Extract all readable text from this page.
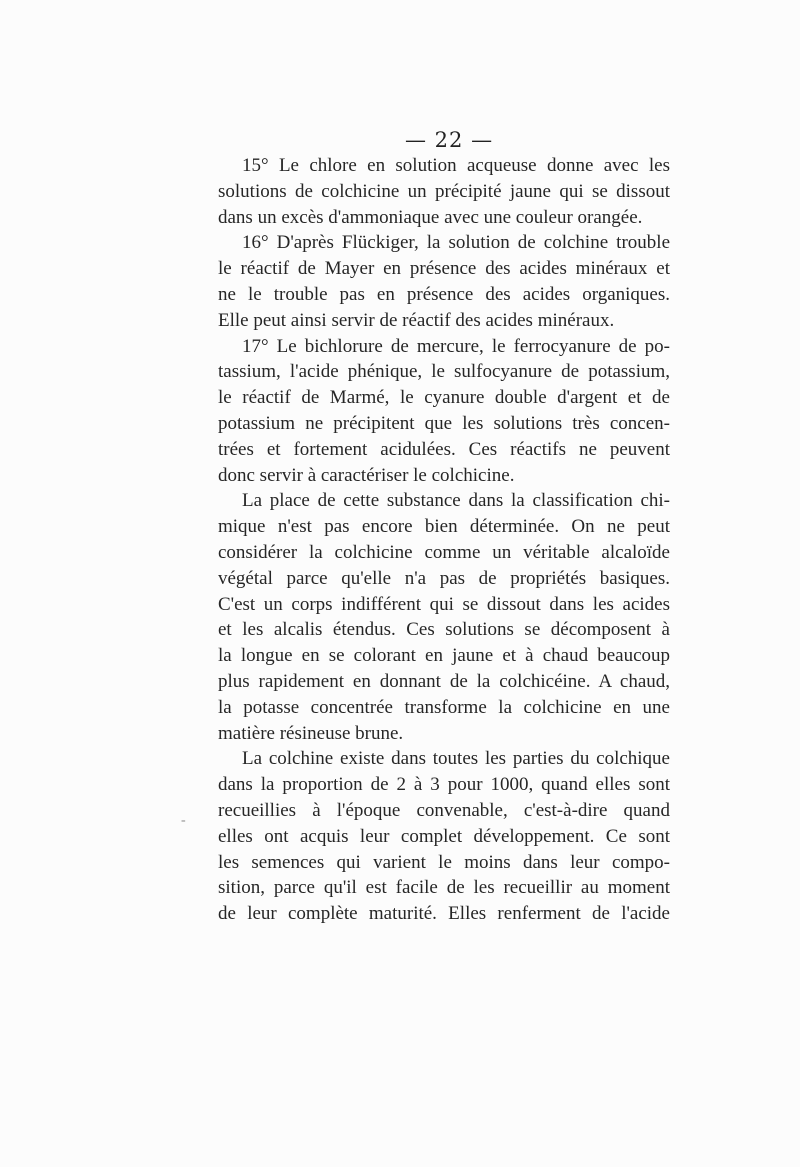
— 22 —
-
15° Le chlore en solution acqueuse donne avec les
solutions de colchicine un précipité jaune qui se dissout
dans un excès d'ammoniaque avec une couleur orangée.
16° D'après Flückiger, la solution de colchine trouble
le réactif de Mayer en présence des acides minéraux et
ne le trouble pas en présence des acides organiques.
Elle peut ainsi servir de réactif des acides minéraux.
17° Le bichlorure de mercure, le ferrocyanure de po-
tassium, l'acide phénique, le sulfocyanure de potassium,
le réactif de Marmé, le cyanure double d'argent et de
potassium ne précipitent que les solutions très concen-
trées et fortement acidulées. Ces réactifs ne peuvent
donc servir à caractériser le colchicine.
La place de cette substance dans la classification chi-
mique n'est pas encore bien déterminée. On ne peut
considérer la colchicine comme un véritable alcaloïde
végétal parce qu'elle n'a pas de propriétés basiques.
C'est un corps indifférent qui se dissout dans les acides
et les alcalis étendus. Ces solutions se décomposent à
la longue en se colorant en jaune et à chaud beaucoup
plus rapidement en donnant de la colchicéine. A chaud,
la potasse concentrée transforme la colchicine en une
matière résineuse brune.
La colchine existe dans toutes les parties du colchique
dans la proportion de 2 à 3 pour 1000, quand elles sont
recueillies à l'époque convenable, c'est-à-dire quand
elles ont acquis leur complet développement. Ce sont
les semences qui varient le moins dans leur compo-
sition, parce qu'il est facile de les recueillir au moment
de leur complète maturité. Elles renferment de l'acide
